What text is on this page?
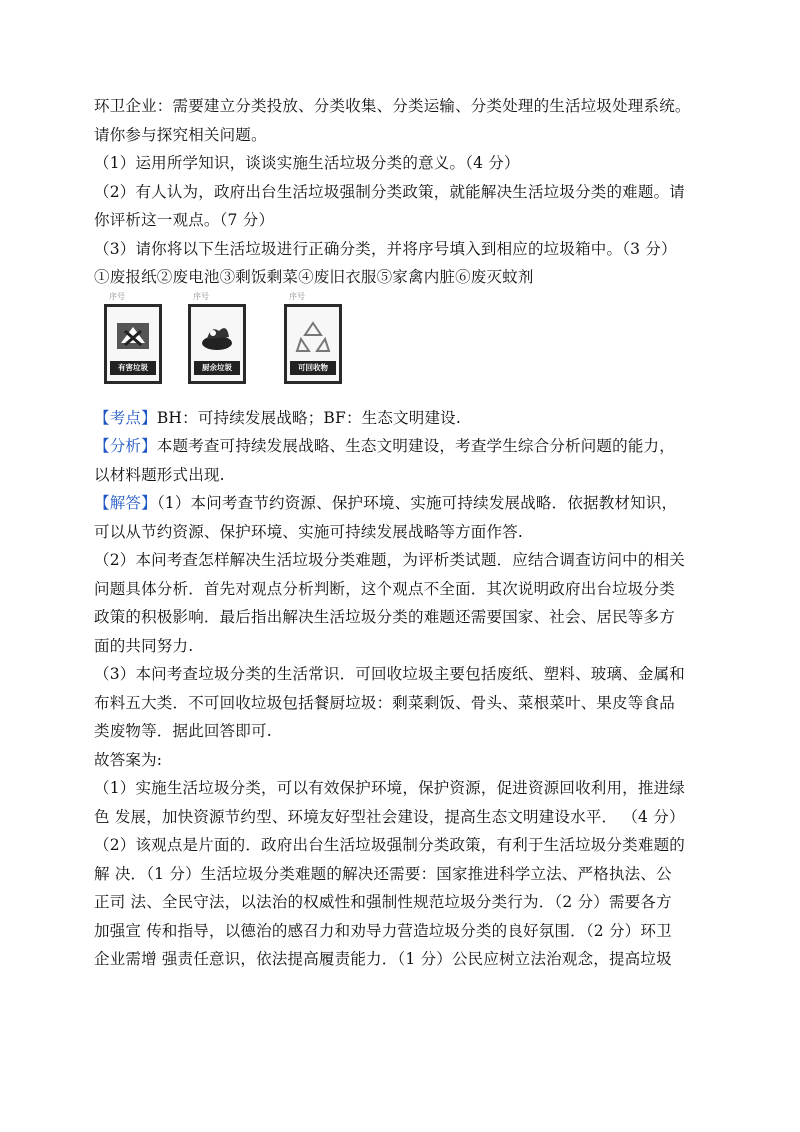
环卫企业：需要建立分类投放、分类收集、分类运输、分类处理的生活垃圾处理系统。

请你参与探究相关问题。

（1）运用所学知识，谈谈实施生活垃圾分类的意义。（4 分）

（2）有人认为，政府出台生活垃圾强制分类政策，就能解决生活垃圾分类的难题。请

你评析这一观点。（7 分）

（3）请你将以下生活垃圾进行正确分类，并将序号填入到相应的垃圾箱中。（3 分）

①废报纸②废电池③剩饭剩菜④废旧衣服⑤家禽内脏⑥废灭蚊剂

序号
有害垃圾
序号
厨余垃圾
序号
可回收物

【考点】BH：可持续发展战略；BF：生态文明建设.

【分析】本题考查可持续发展战略、生态文明建设，考查学生综合分析问题的能力，

以材料题形式出现.

【解答】（1）本问考查节约资源、保护环境、实施可持续发展战略．依据教材知识，

可以从节约资源、保护环境、实施可持续发展战略等方面作答.

（2）本问考查怎样解决生活垃圾分类难题，为评析类试题．应结合调查访问中的相关

问题具体分析．首先对观点分析判断，这个观点不全面．其次说明政府出台垃圾分类

政策的积极影响．最后指出解决生活垃圾分类的难题还需要国家、社会、居民等多方

面的共同努力.

（3）本问考查垃圾分类的生活常识．可回收垃圾主要包括废纸、塑料、玻璃、金属和

布料五大类．不可回收垃圾包括餐厨垃圾：剩菜剩饭、骨头、菜根菜叶、果皮等食品

类废物等．据此回答即可.

故答案为:

（1）实施生活垃圾分类，可以有效保护环境，保护资源，促进资源回收利用，推进绿

色 发展，加快资源节约型、环境友好型社会建设，提高生态文明建设水平． （4 分）

（2）该观点是片面的．政府出台生活垃圾强制分类政策，有利于生活垃圾分类难题的

解 决．（1 分）生活垃圾分类难题的解决还需要：国家推进科学立法、严格执法、公

正司 法、全民守法，以法治的权威性和强制性规范垃圾分类行为．（2 分）需要各方

加强宣 传和指导，以德治的感召力和劝导力营造垃圾分类的良好氛围．（2 分）环卫

企业需增 强责任意识，依法提高履责能力．（1 分）公民应树立法治观念，提高垃圾
